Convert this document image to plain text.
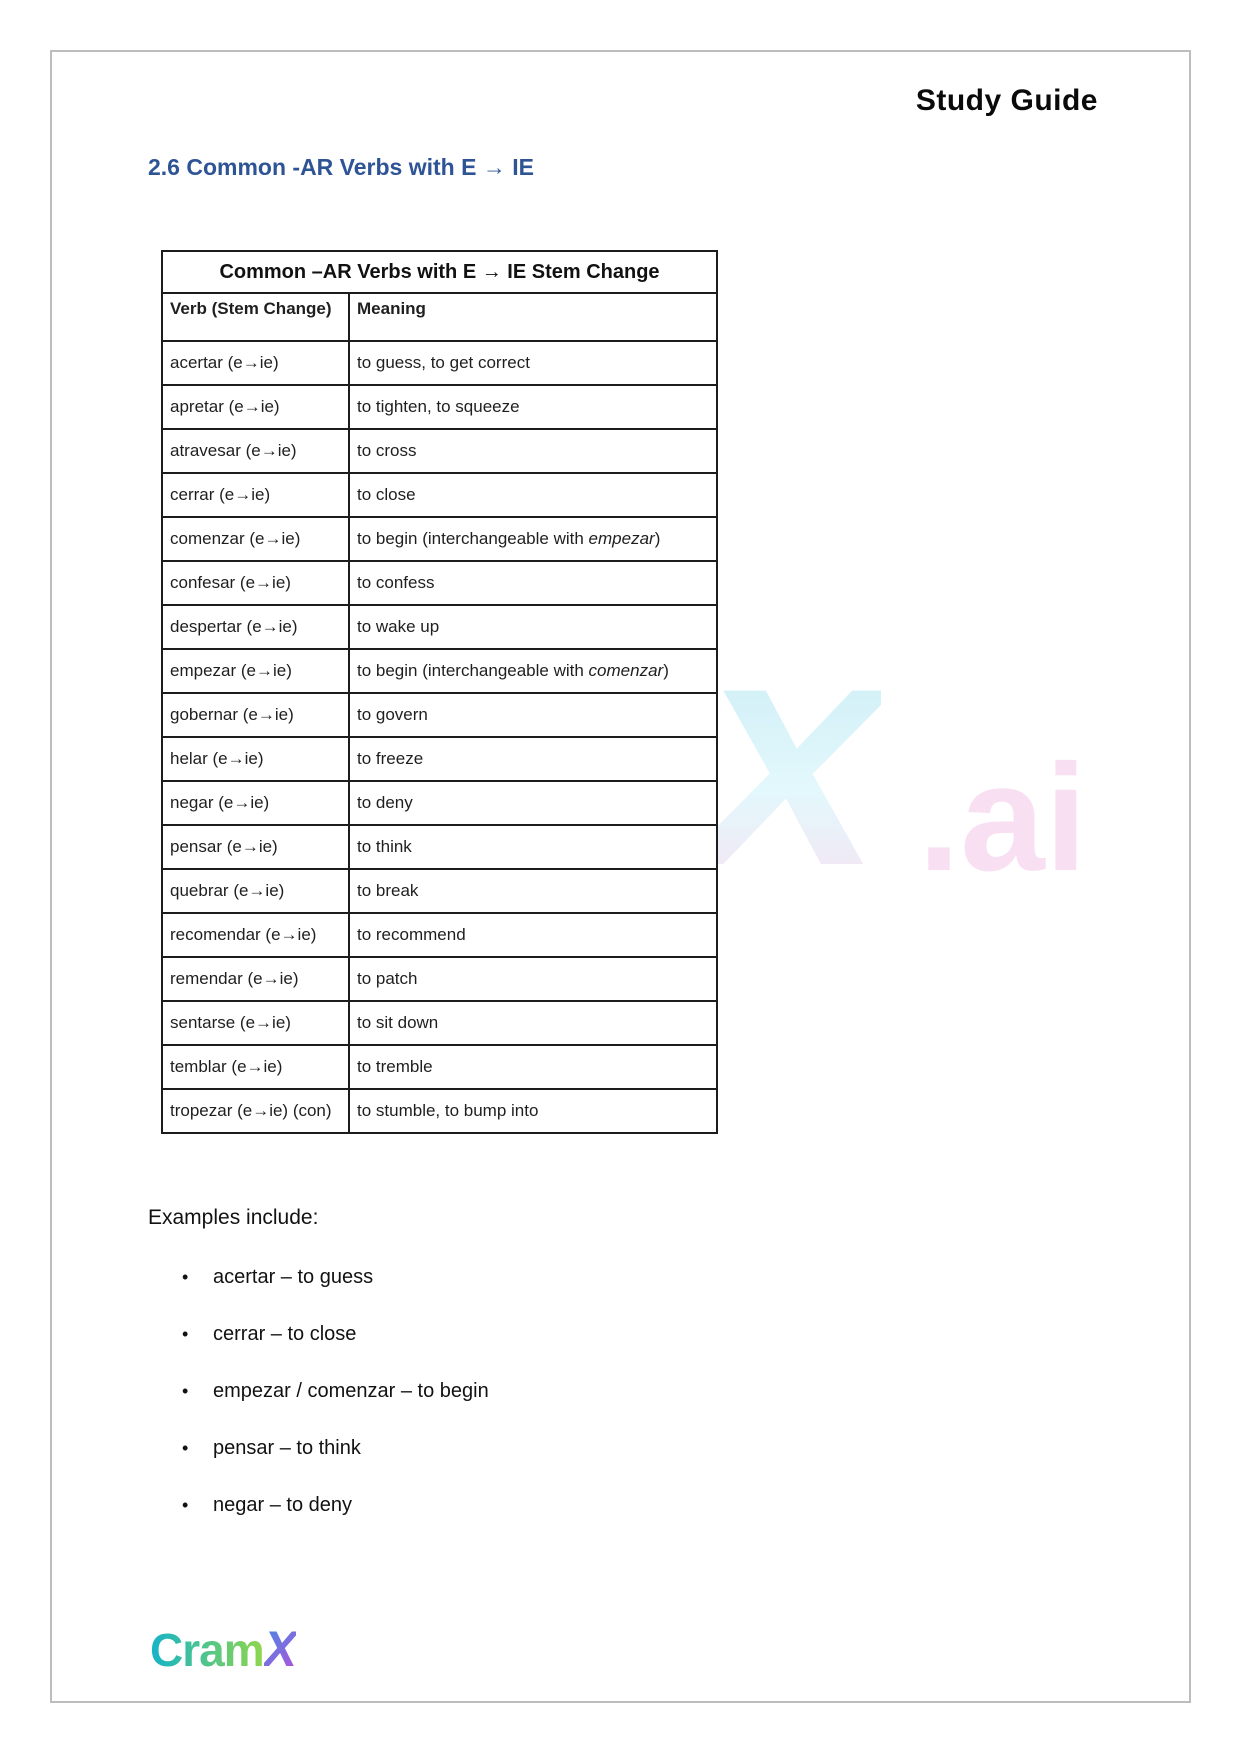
X .ai
Study Guide
2.6 Common -AR Verbs with E → IE
Common –AR Verbs with E → IE Stem Change	
Verb (Stem Change)	Meaning
acertar (e→ie)	to guess, to get correct
apretar (e→ie)	to tighten, to squeeze
atravesar (e→ie)	to cross
cerrar (e→ie)	to close
comenzar (e→ie)	to begin (interchangeable with empezar)
confesar (e→ie)	to confess
despertar (e→ie)	to wake up
empezar (e→ie)	to begin (interchangeable with comenzar)
gobernar (e→ie)	to govern
helar (e→ie)	to freeze
negar (e→ie)	to deny
pensar (e→ie)	to think
quebrar (e→ie)	to break
recomendar (e→ie)	to recommend
remendar (e→ie)	to patch
sentarse (e→ie)	to sit down
temblar (e→ie)	to tremble
tropezar (e→ie) (con)	to stumble, to bump into
Examples include:
•	acertar – to guess
•	cerrar – to close
•	empezar / comenzar – to begin
•	pensar – to think
•	negar – to deny
CramX
